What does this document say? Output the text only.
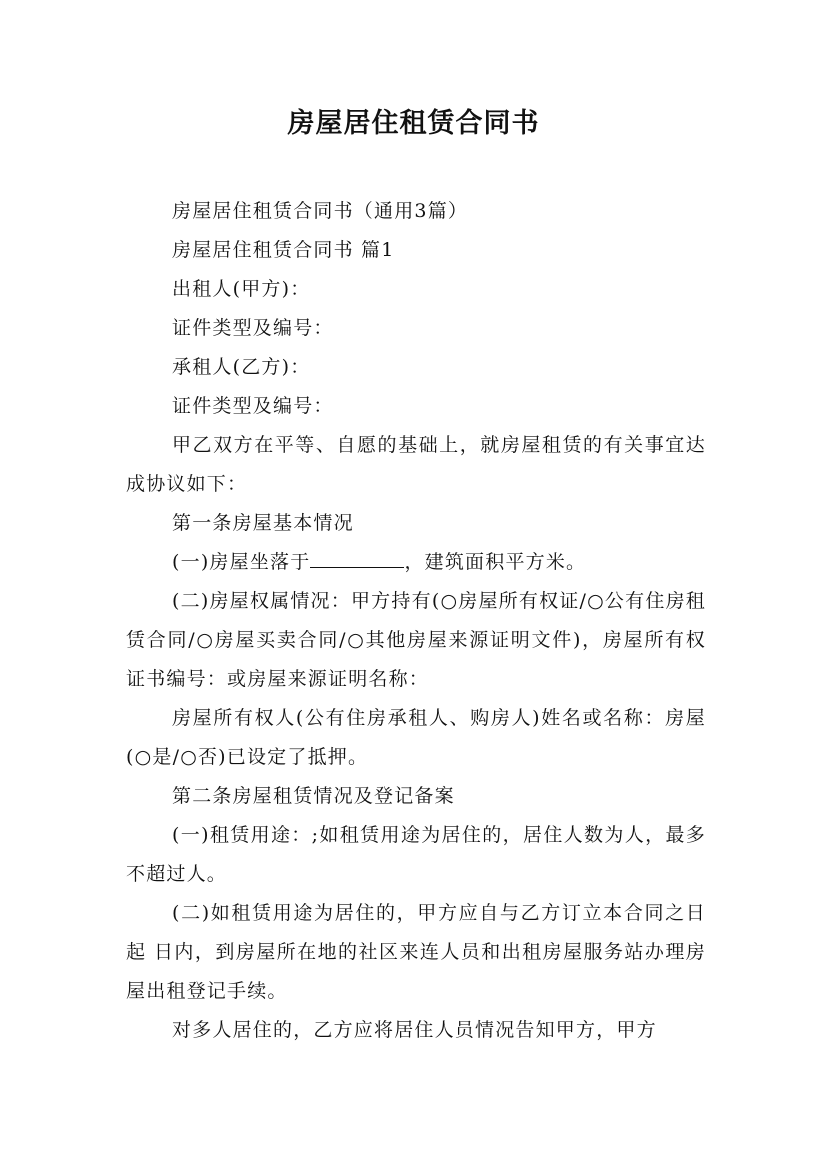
房屋居住租赁合同书

房屋居住租赁合同书（通用3篇）

房屋居住租赁合同书 篇1

出租人(甲方)：

证件类型及编号：

承租人(乙方)：

证件类型及编号：

甲乙双方在平等、自愿的基础上，就房屋租赁的有关事宜达成协议如下：

第一条房屋基本情况

(一)房屋坐落于	，建筑面积平方米。

(二)房屋权属情况：甲方持有(○房屋所有权证/○公有住房租赁合同/○房屋买卖合同/○其他房屋来源证明文件)，房屋所有权证书编号：或房屋来源证明名称：

房屋所有权人(公有住房承租人、购房人)姓名或名称：房屋(○是/○否)已设定了抵押。

第二条房屋租赁情况及登记备案

(一)租赁用途：;如租赁用途为居住的，居住人数为人，最多不超过人。

(二)如租赁用途为居住的，甲方应自与乙方订立本合同之日起 日内，到房屋所在地的社区来连人员和出租房屋服务站办理房屋出租登记手续。

对多人居住的，乙方应将居住人员情况告知甲方，甲方
